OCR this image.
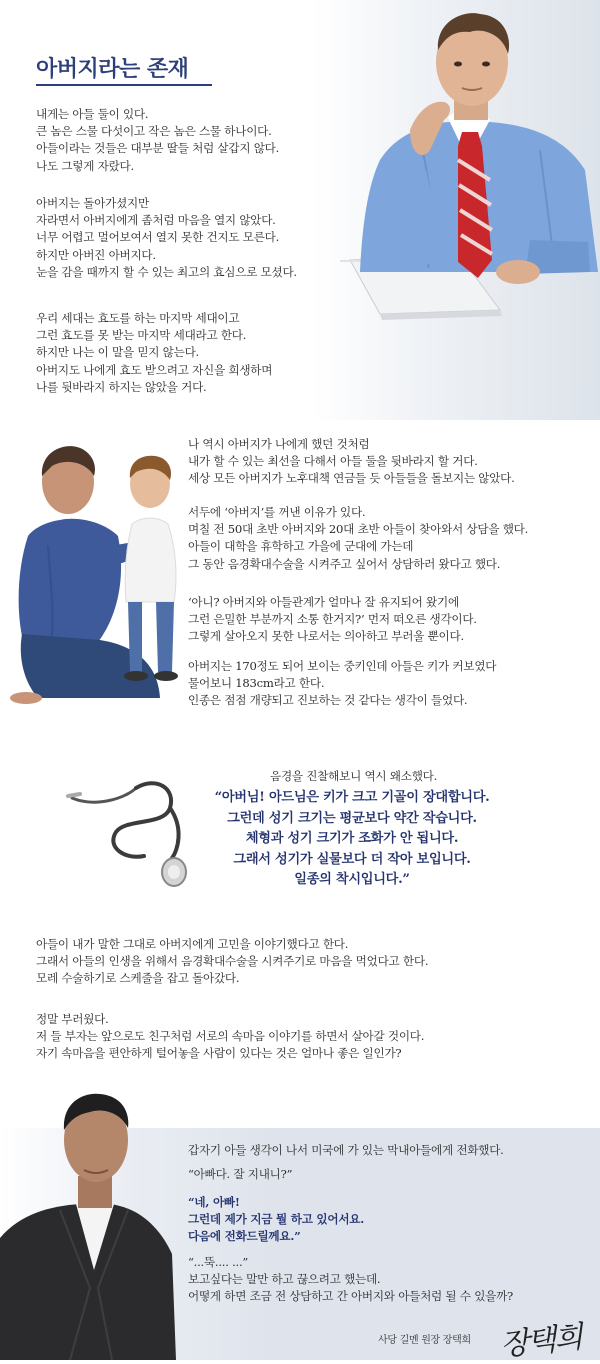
아버지라는 존재

내게는 아들 둘이 있다.
큰 놈은 스물 다섯이고 작은 놈은 스물 하나이다.
아들이라는 것들은 대부분 딸들 처럼 살갑지 않다.
나도 그렇게 자랐다.

아버지는 돌아가셨지만
자라면서 아버지에게 좀처럼 마음을 열지 않았다.
너무 어렵고 멀어보여서 열지 못한 건지도 모른다.
하지만 아버진 아버지다.
눈을 감을 때까지 할 수 있는 최고의 효심으로 모셨다.

우리 세대는 효도를 하는 마지막 세대이고
그런 효도를 못 받는 마지막 세대라고 한다.
하지만 나는 이 말을 믿지 않는다.
아버지도 나에게 효도 받으려고 자신을 희생하며
나를 뒷바라지 하지는 않았을 거다.

나 역시 아버지가 나에게 했던 것처럼
내가 할 수 있는 최선을 다해서 아들 둘을 뒷바라지 할 거다.
세상 모든 아버지가 노후대책 연금들 듯 아들들을 돌보지는 않았다.

서두에 ‘아버지’를 꺼낸 이유가 있다.
며칠 전 50대 초반 아버지와 20대 초반 아들이 찾아와서 상담을 했다.
아들이 대학을 휴학하고 가을에 군대에 가는데
그 동안 음경확대수술을 시켜주고 싶어서 상담하러 왔다고 했다.

‘아니? 아버지와 아들관계가 얼마나 잘 유지되어 왔기에
그런 은밀한 부분까지 소통 한거지?’ 먼저 떠오른 생각이다.
그렇게 살아오지 못한 나로서는 의아하고 부러울 뿐이다.

아버지는 170정도 되어 보이는 중키인데 아들은 키가 커보였다
물어보니 183cm라고 한다.
인종은 점점 개량되고 진보하는 것 같다는 생각이 들었다.

음경을 진찰해보니 역시 왜소했다.

“아버님! 아드님은 키가 크고 기골이 장대합니다.
그런데 성기 크기는 평균보다 약간 작습니다.
체형과 성기 크기가 조화가 안 됩니다.
그래서 성기가 실물보다 더 작아 보입니다.
일종의 착시입니다.”

아들이 내가 말한 그대로 아버지에게 고민을 이야기했다고 한다.
그래서 아들의 인생을 위해서 음경확대수술을 시켜주기로 마음을 먹었다고 한다.
모레 수술하기로 스케줄을 잡고 돌아갔다.

정말 부러웠다.
저 들 부자는 앞으로도 친구처럼 서로의 속마음 이야기를 하면서 살아갈 것이다.
자기 속마음을 편안하게 털어놓을 사람이 있다는 것은 얼마나 좋은 일인가?

갑자기 아들 생각이 나서 미국에 가 있는 막내아들에게 전화했다.

“아빠다. 잘 지내니?”

“네, 아빠!
그런데 제가 지금 뭘 하고 있어서요.
다음에 전화드릴께요.”

“...뚝.... ...”
보고싶다는 말만 하고 끊으려고 했는데.
어떻게 하면 조금 전 상담하고 간 아버지와 아들처럼 될 수 있을까?

사당 길멘 원장 장택희 장택희
